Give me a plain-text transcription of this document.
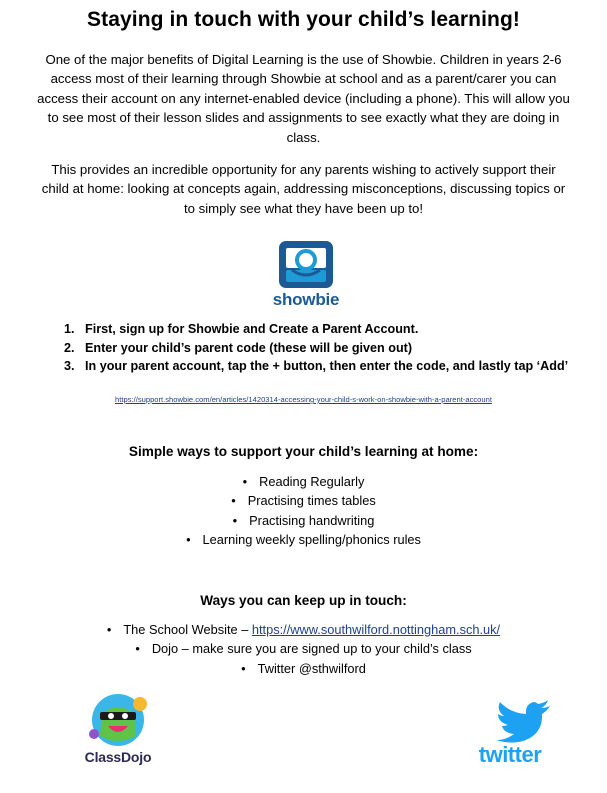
Staying in touch with your child’s learning!
One of the major benefits of Digital Learning is the use of Showbie. Children in years 2-6 access most of their learning through Showbie at school and as a parent/carer you can access their account on any internet-enabled device (including a phone). This will allow you to see most of their lesson slides and assignments to see exactly what they are doing in class.
This provides an incredible opportunity for any parents wishing to actively support their child at home: looking at concepts again, addressing misconceptions, discussing topics or to simply see what they have been up to!
showbie
1. First, sign up for Showbie and Create a Parent Account.
2. Enter your child’s parent code (these will be given out)
3. In your parent account, tap the + button, then enter the code, and lastly tap ‘Add’
https://support.showbie.com/en/articles/1420314-accessing-your-child-s-work-on-showbie-with-a-parent-account
Simple ways to support your child’s learning at home:
• Reading Regularly
• Practising times tables
• Practising handwriting
• Learning weekly spelling/phonics rules
Ways you can keep up in touch:
• The School Website – https://www.southwilford.nottingham.sch.uk/
• Dojo – make sure you are signed up to your child’s class
• Twitter @sthwilford
ClassDojo	twitter
